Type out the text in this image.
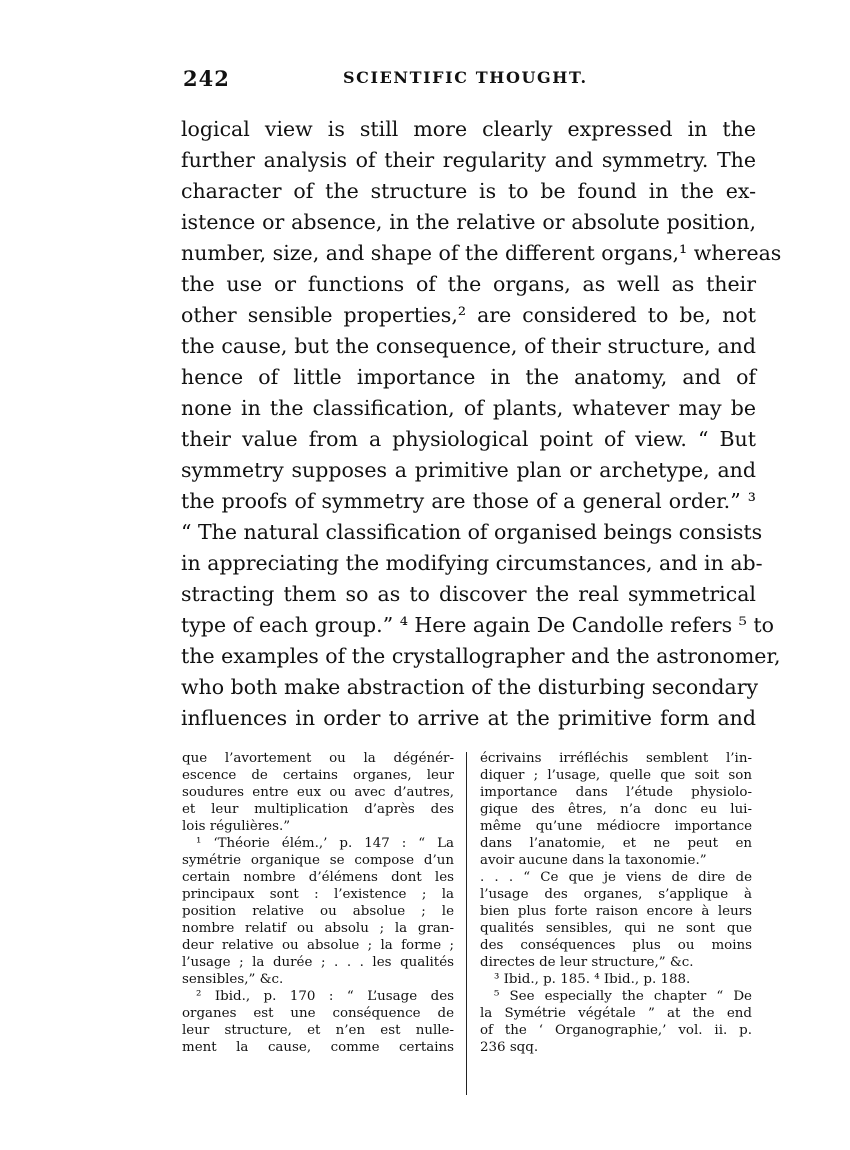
242	SCIENTIFIC THOUGHT.
logical view is still more clearly expressed in the
further analysis of their regularity and symmetry. The
character of the structure is to be found in the ex-
istence or absence, in the relative or absolute position,
number, size, and shape of the different organs,¹ whereas
the use or functions of the organs, as well as their
other sensible properties,² are considered to be, not
the cause, but the consequence, of their structure, and
hence of little importance in the anatomy, and of
none in the classification, of plants, whatever may be
their value from a physiological point of view. “ But
symmetry supposes a primitive plan or archetype, and
the proofs of symmetry are those of a general order.” ³
“ The natural classification of organised beings consists
in appreciating the modifying circumstances, and in ab-
stracting them so as to discover the real symmetrical
type of each group.” ⁴ Here again De Candolle refers ⁵ to
the examples of the crystallographer and the astronomer,
who both make abstraction of the disturbing secondary
influences in order to arrive at the primitive form and
que l’avortement ou la dégénér-
escence de certains organes, leur
soudures entre eux ou avec d’autres,
et leur multiplication d’après des
lois régulières.”
¹ ‘Théorie élém.,’ p. 147 : “ La
symétrie organique se compose d’un
certain nombre d’élémens dont les
principaux sont : l’existence ; la
position relative ou absolue ; le
nombre relatif ou absolu ; la gran-
deur relative ou absolue ; la forme ;
l’usage ; la durée ; . . . les qualités
sensibles,” &c.
² Ibid., p. 170 : “ L’usage des
organes est une conséquence de
leur structure, et n’en est nulle-
ment la cause, comme certains
écrivains irréfléchis semblent l’in-
diquer ; l’usage, quelle que soit son
importance dans l’étude physiolo-
gique des êtres, n’a donc eu lui-
même qu’une médiocre importance
dans l’anatomie, et ne peut en
avoir aucune dans la taxonomie.”
. . . “ Ce que je viens de dire de
l’usage des organes, s’applique à
bien plus forte raison encore à leurs
qualités sensibles, qui ne sont que
des conséquences plus ou moins
directes de leur structure,” &c.
³ Ibid., p. 185. ⁴ Ibid., p. 188.
⁵ See especially the chapter “ De
la Symétrie végétale ” at the end
of the ‘ Organographie,’ vol. ii. p.
236 sqq.
